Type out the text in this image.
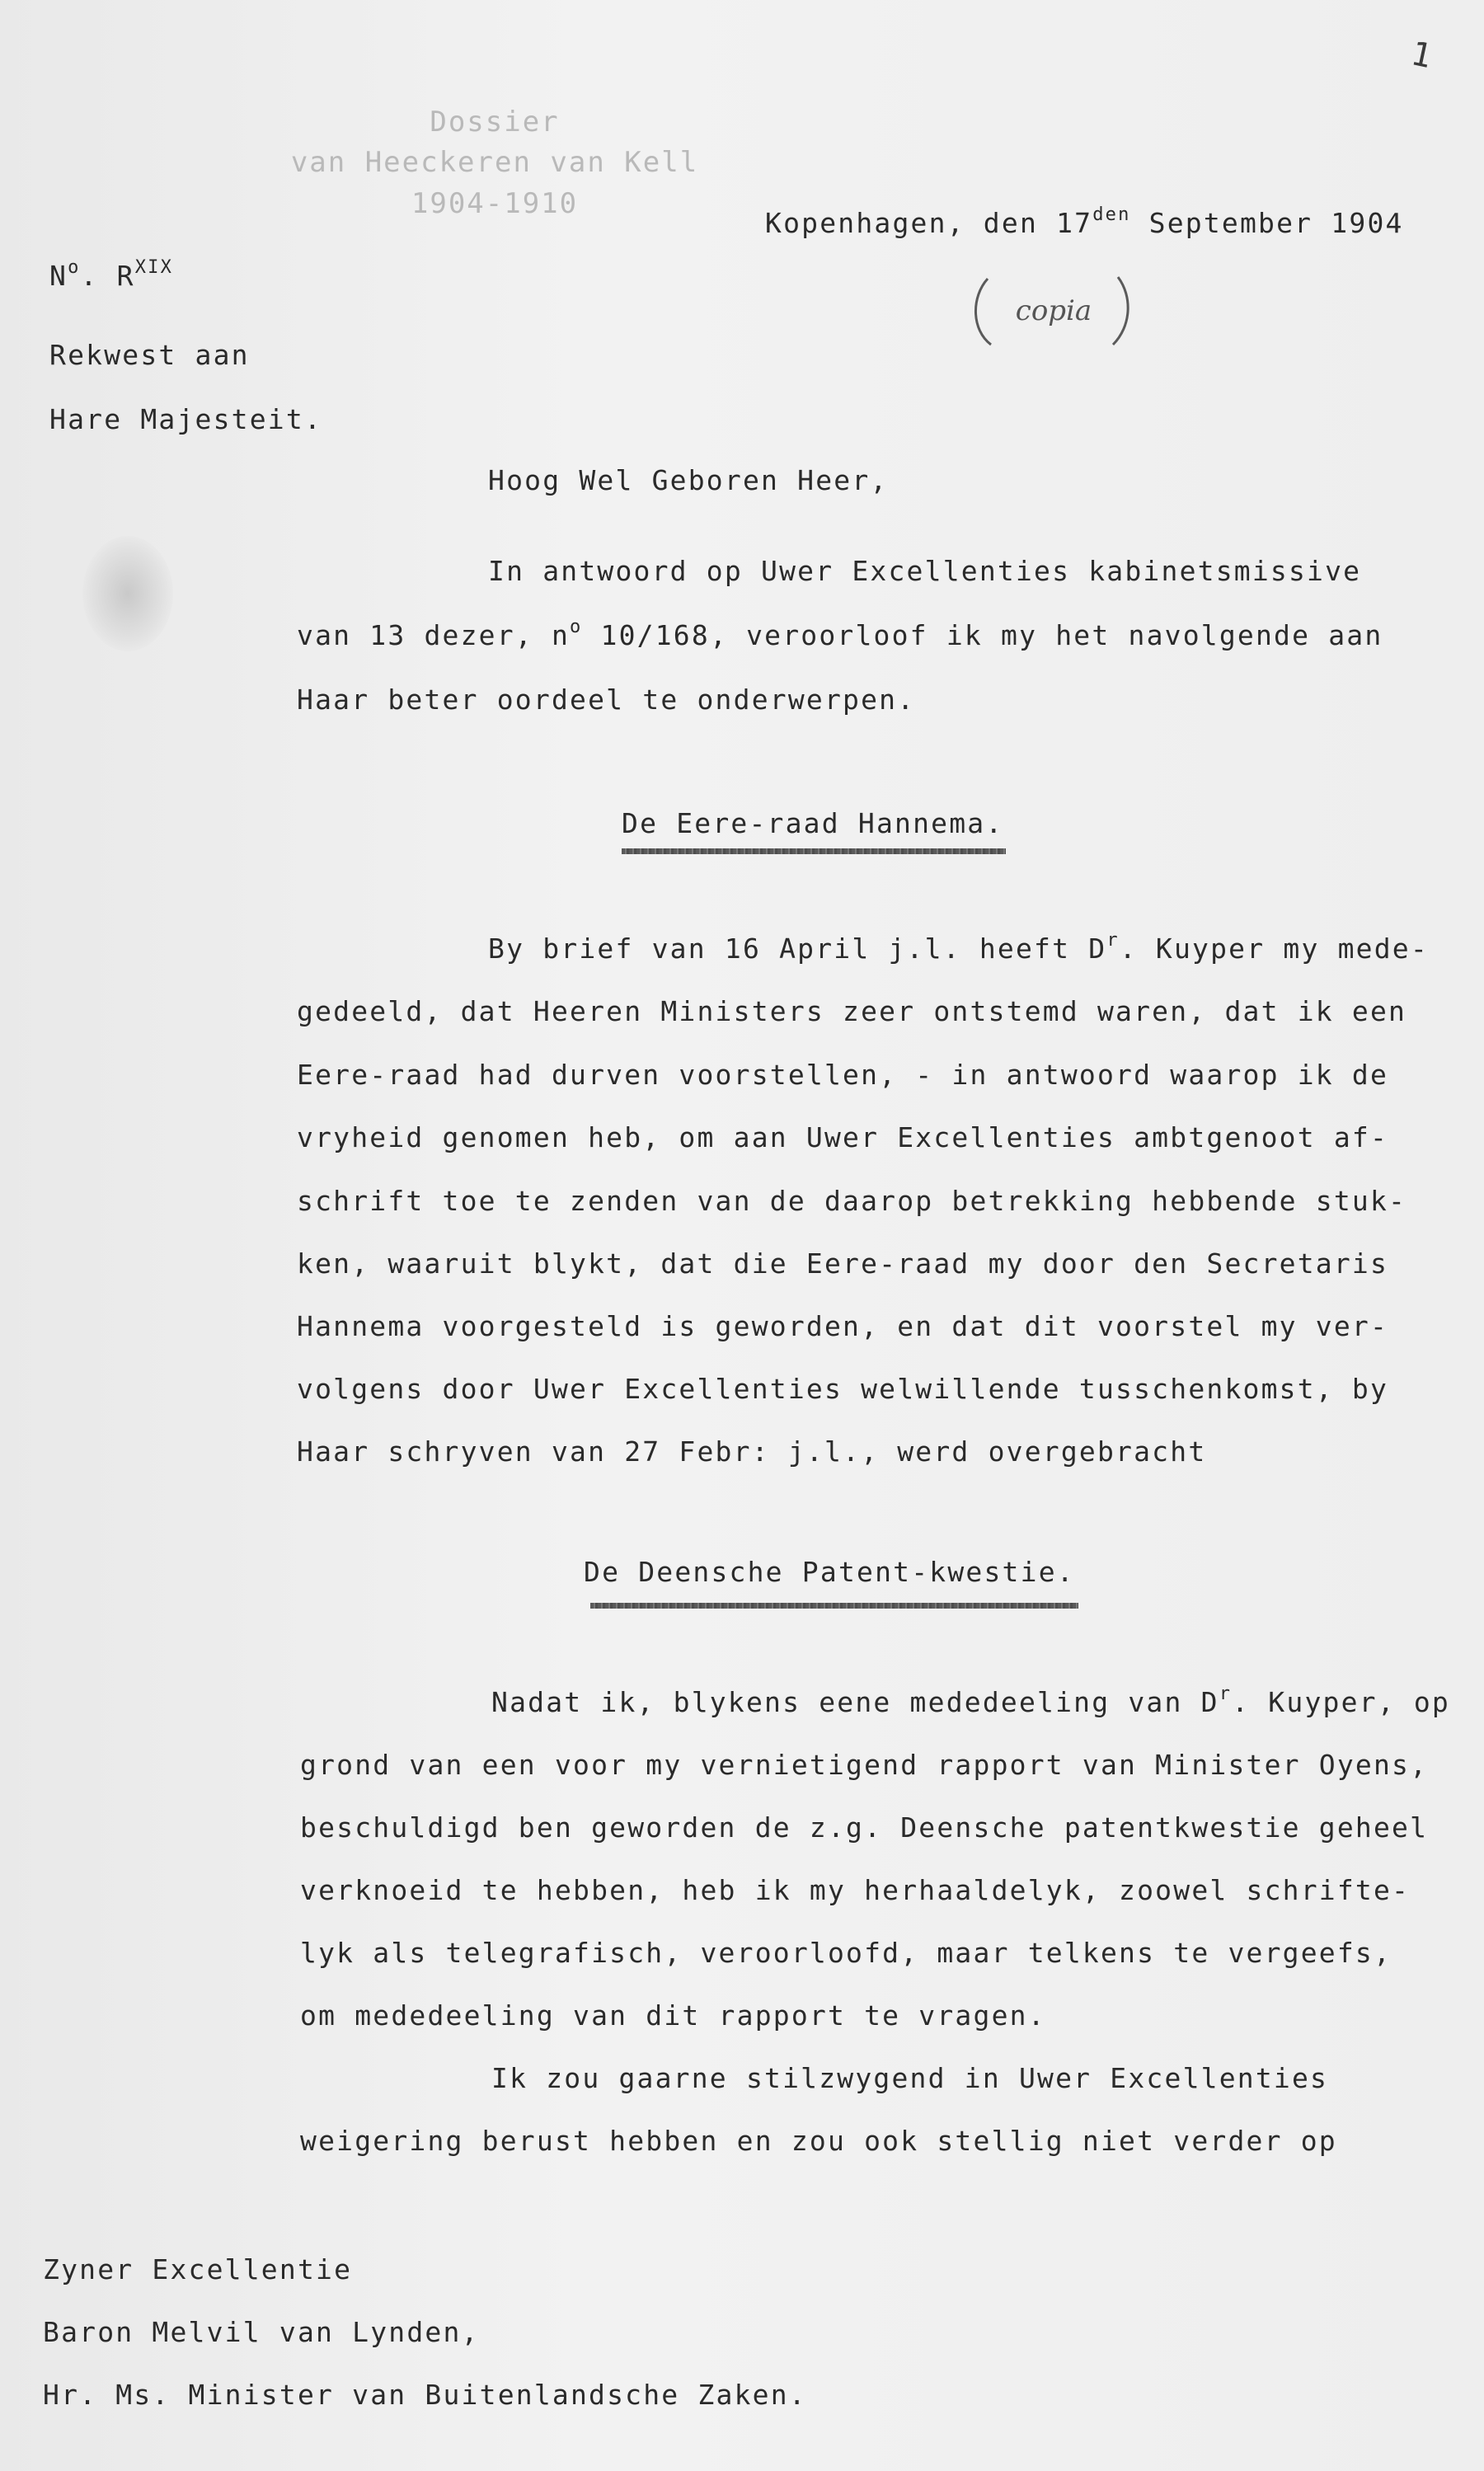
1
Dossier
van Heeckeren van Kell
1904-1910
Kopenhagen, den $17^{den}$ September 1904
copia
$N^o$. $R^{XIX}$
Rekwest aan
Hare Majesteit.
Hoog Wel Geboren Heer,
In antwoord op Uwer Excellenties kabinetsmissive
van 13 dezer, $n^o$ 10/168, veroorloof ik my het navolgende aan
Haar beter oordeel te onderwerpen.
De Eere-raad Hannema.
By brief van 16 April j.l. heeft $D^r$. Kuyper my mede-
gedeeld, dat Heeren Ministers zeer ontstemd waren, dat ik een
Eere-raad had durven voorstellen, - in antwoord waarop ik de
vryheid genomen heb, om aan Uwer Excellenties ambtgenoot af-
schrift toe te zenden van de daarop betrekking hebbende stuk-
ken, waaruit blykt, dat die Eere-raad my door den Secretaris
Hannema voorgesteld is geworden, en dat dit voorstel my ver-
volgens door Uwer Excellenties welwillende tusschenkomst, by
Haar schryven van 27 Febr: j.l., werd overgebracht
De Deensche Patent-kwestie.
Nadat ik, blykens eene mededeeling van $D^r$. Kuyper, op
grond van een voor my vernietigend rapport van Minister Oyens,
beschuldigd ben geworden de z.g. Deensche patentkwestie geheel
verknoeid te hebben, heb ik my herhaaldelyk, zoowel schrifte-
lyk als telegrafisch, veroorloofd, maar telkens te vergeefs,
om mededeeling van dit rapport te vragen.
Ik zou gaarne stilzwygend in Uwer Excellenties
weigering berust hebben en zou ook stellig niet verder op
Zyner Excellentie
Baron Melvil van Lynden,
Hr. Ms. Minister van Buitenlandsche Zaken.
